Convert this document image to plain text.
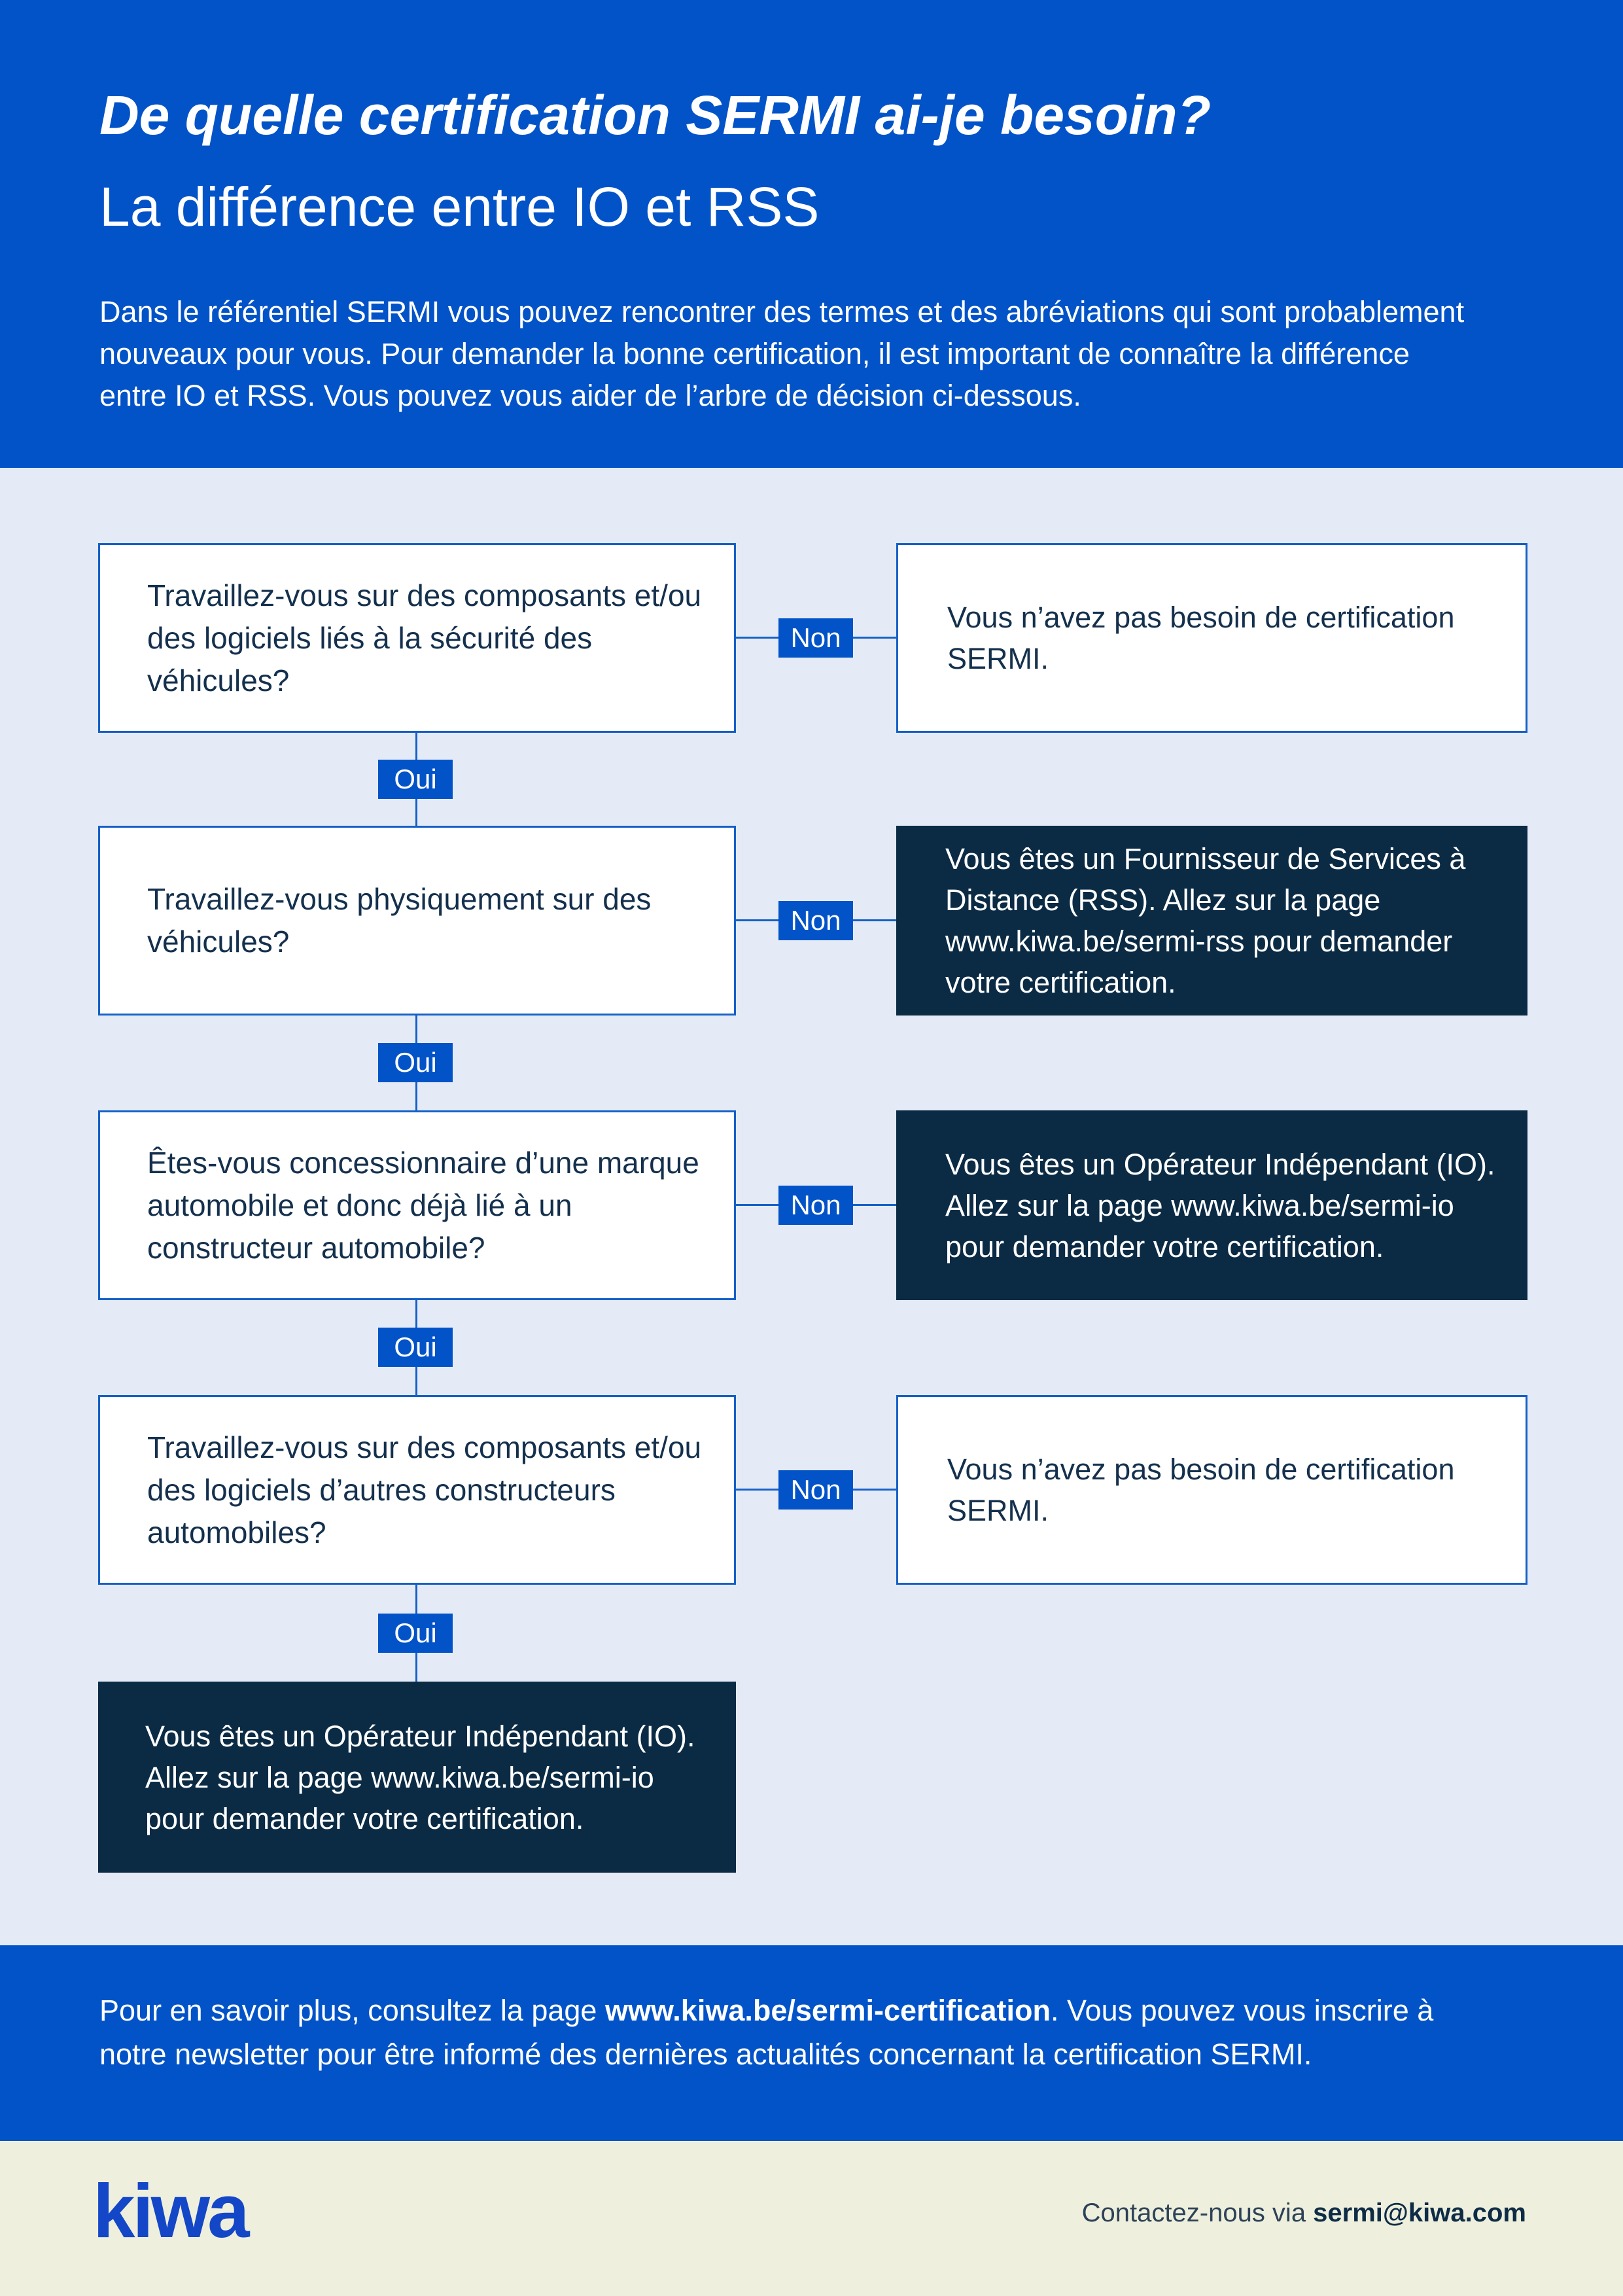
De quelle certification SERMI ai-je besoin?
La différence entre IO et RSS
Dans le référentiel SERMI vous pouvez rencontrer des termes et des abréviations qui sont probablement nouveaux pour vous. Pour demander la bonne certification, il est important de connaître la différence entre IO et RSS. Vous pouvez vous aider de l’arbre de décision ci-dessous.
Travaillez-vous sur des composants et/ou des logiciels liés à la sécurité des véhicules?
Vous n’avez pas besoin de certification SERMI.
Travaillez-vous physiquement sur des véhicules?
Vous êtes un Fournisseur de Services à Distance (RSS). Allez sur la page www.kiwa.be/sermi-rss pour demander votre certification.
Êtes-vous concessionnaire d’une marque automobile et donc déjà lié à un constructeur automobile?
Vous êtes un Opérateur Indépendant (IO). Allez sur la page www.kiwa.be/sermi-io pour demander votre certification.
Travaillez-vous sur des composants et/ou des logiciels d’autres constructeurs automobiles?
Vous n’avez pas besoin de certification SERMI.
Vous êtes un Opérateur Indépendant (IO). Allez sur la page www.kiwa.be/sermi-io pour demander votre certification.
Oui
Oui
Oui
Oui
Non
Non
Non
Non
Pour en savoir plus, consultez la page www.kiwa.be/sermi-certification. Vous pouvez vous inscrire à notre newsletter pour être informé des dernières actualités concernant la certification SERMI.
kiwa	Contactez-nous via sermi@kiwa.com
